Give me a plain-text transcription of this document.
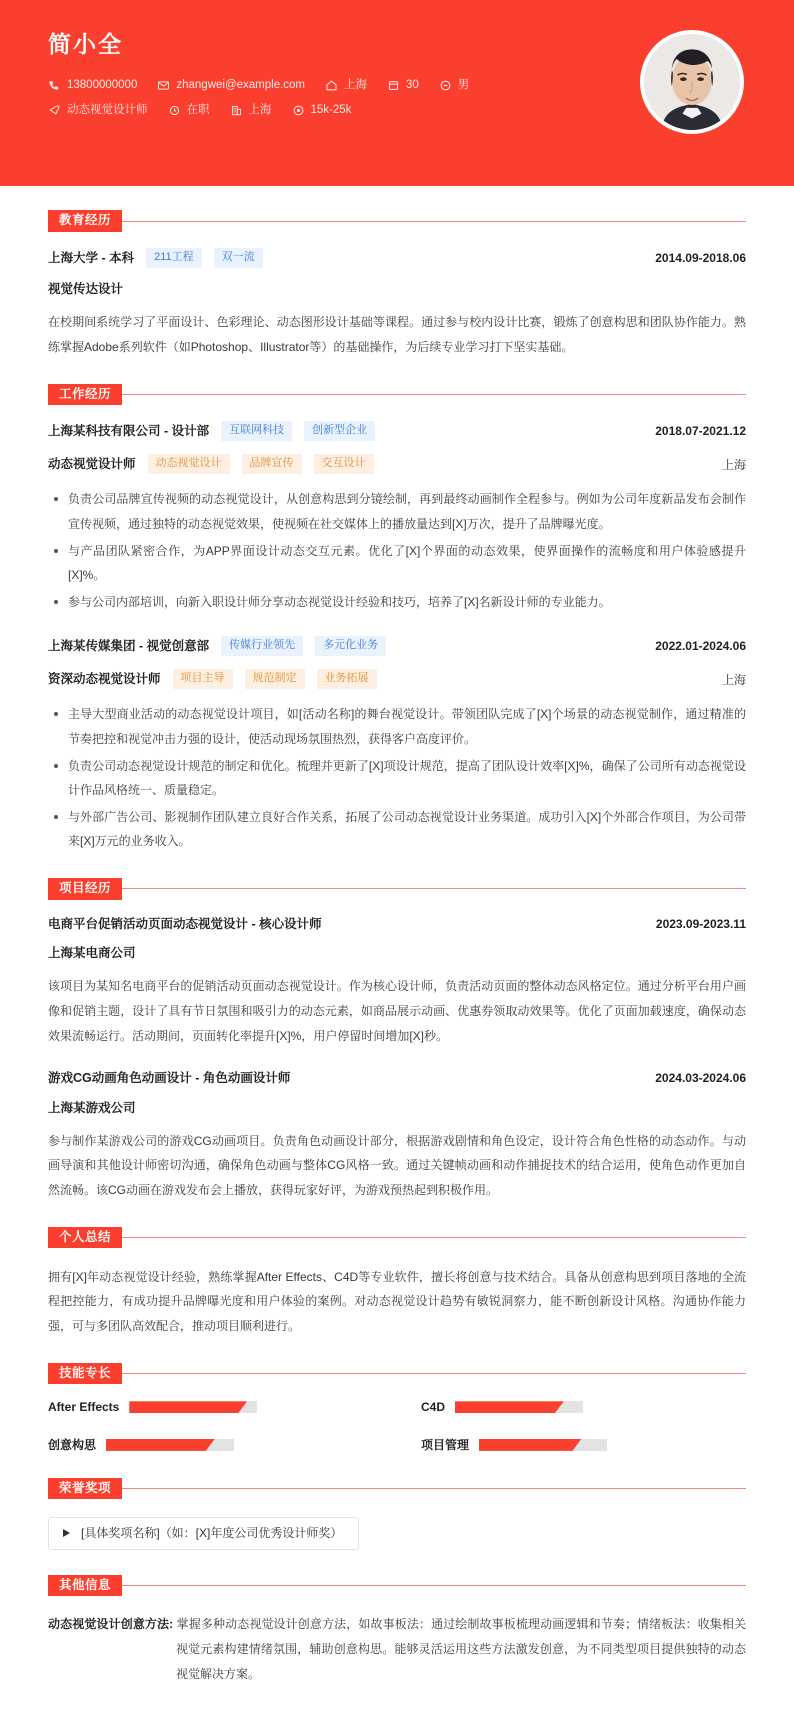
简小全
13800000000	zhangwei@example.com	上海	30	男
动态视觉设计师	在职	上海	15k-25k
教育经历
上海大学 - 本科	211工程	双一流	2014.09-2018.06
视觉传达设计

在校期间系统学习了平面设计、色彩理论、动态图形设计基础等课程。通过参与校内设计比赛，锻炼了创意构思和团队协作能力。熟练掌握Adobe系列软件（如Photoshop、Illustrator等）的基础操作，为后续专业学习打下坚实基础。

工作经历
上海某科技有限公司 - 设计部	互联网科技	创新型企业	2018.07-2021.12
动态视觉设计师	动态视觉设计	品牌宣传	交互设计	上海
负责公司品牌宣传视频的动态视觉设计，从创意构思到分镜绘制，再到最终动画制作全程参与。例如为公司年度新品发布会制作宣传视频，通过独特的动态视觉效果，使视频在社交媒体上的播放量达到[X]万次，提升了品牌曝光度。
与产品团队紧密合作，为APP界面设计动态交互元素。优化了[X]个界面的动态效果，使界面操作的流畅度和用户体验感提升[X]%。
参与公司内部培训，向新入职设计师分享动态视觉设计经验和技巧，培养了[X]名新设计师的专业能力。
上海某传媒集团 - 视觉创意部	传媒行业领先	多元化业务	2022.01-2024.06
资深动态视觉设计师	项目主导	规范制定	业务拓展	上海
主导大型商业活动的动态视觉设计项目，如[活动名称]的舞台视觉设计。带领团队完成了[X]个场景的动态视觉制作，通过精准的节奏把控和视觉冲击力强的设计，使活动现场氛围热烈，获得客户高度评价。
负责公司动态视觉设计规范的制定和优化。梳理并更新了[X]项设计规范，提高了团队设计效率[X]%，确保了公司所有动态视觉设计作品风格统一、质量稳定。
与外部广告公司、影视制作团队建立良好合作关系，拓展了公司动态视觉设计业务渠道。成功引入[X]个外部合作项目，为公司带来[X]万元的业务收入。
项目经历
电商平台促销活动页面动态视觉设计 - 核心设计师	2023.09-2023.11
上海某电商公司

该项目为某知名电商平台的促销活动页面动态视觉设计。作为核心设计师，负责活动页面的整体动态风格定位。通过分析平台用户画像和促销主题，设计了具有节日氛围和吸引力的动态元素，如商品展示动画、优惠券领取动效果等。优化了页面加载速度，确保动态效果流畅运行。活动期间，页面转化率提升[X]%，用户停留时间增加[X]秒。

游戏CG动画角色动画设计 - 角色动画设计师	2024.03-2024.06
上海某游戏公司

参与制作某游戏公司的游戏CG动画项目。负责角色动画设计部分，根据游戏剧情和角色设定，设计符合角色性格的动态动作。与动画导演和其他设计师密切沟通，确保角色动画与整体CG风格一致。通过关键帧动画和动作捕捉技术的结合运用，使角色动作更加自然流畅。该CG动画在游戏发布会上播放，获得玩家好评，为游戏预热起到积极作用。

个人总结

拥有[X]年动态视觉设计经验，熟练掌握After Effects、C4D等专业软件，擅长将创意与技术结合。具备从创意构思到项目落地的全流程把控能力，有成功提升品牌曝光度和用户体验的案例。对动态视觉设计趋势有敏锐洞察力，能不断创新设计风格。沟通协作能力强，可与多团队高效配合，推动项目顺利进行。

技能专长
After Effects	C4D
创意构思	项目管理
荣誉奖项
[具体奖项名称]（如：[X]年度公司优秀设计师奖）
其他信息
动态视觉设计创意方法: 掌握多种动态视觉设计创意方法，如故事板法：通过绘制故事板梳理动画逻辑和节奏；情绪板法：收集相关视觉元素构建情绪氛围，辅助创意构思。能够灵活运用这些方法激发创意，为不同类型项目提供独特的动态视觉解决方案。
